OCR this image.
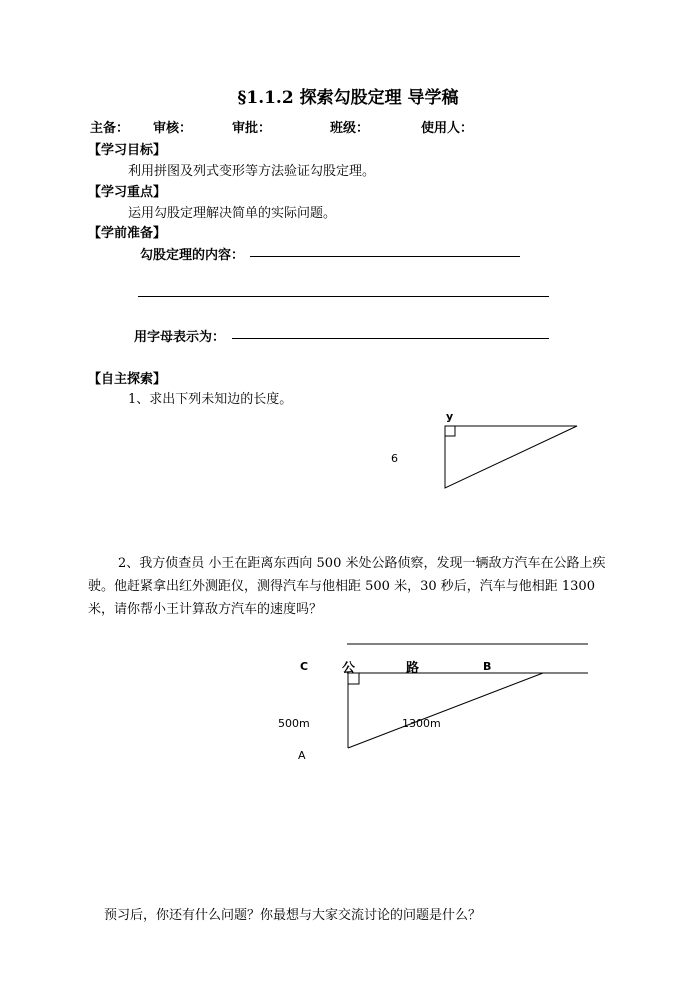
§1.1.2 探索勾股定理 导学稿
主备： 审核：	审批：	班级：	使用人：
【学习目标】
利用拼图及列式变形等方法验证勾股定理。
【学习重点】
运用勾股定理解决简单的实际问题。
【学前准备】
勾股定理的内容：
用字母表示为：
【自主探索】
1、求出下列未知边的长度。
y
6
2、我方侦查员 小王在距离东西向 500 米处公路侦察，发现一辆敌方汽车在公路上疾驶。他赶紧拿出红外测距仪，测得汽车与他相距 500 米，30 秒后，汽车与他相距 1300 米，请你帮小王计算敌方汽车的速度吗？
C	公	路	B
500m	1300m
A
预习后，你还有什么问题？你最想与大家交流讨论的问题是什么？
